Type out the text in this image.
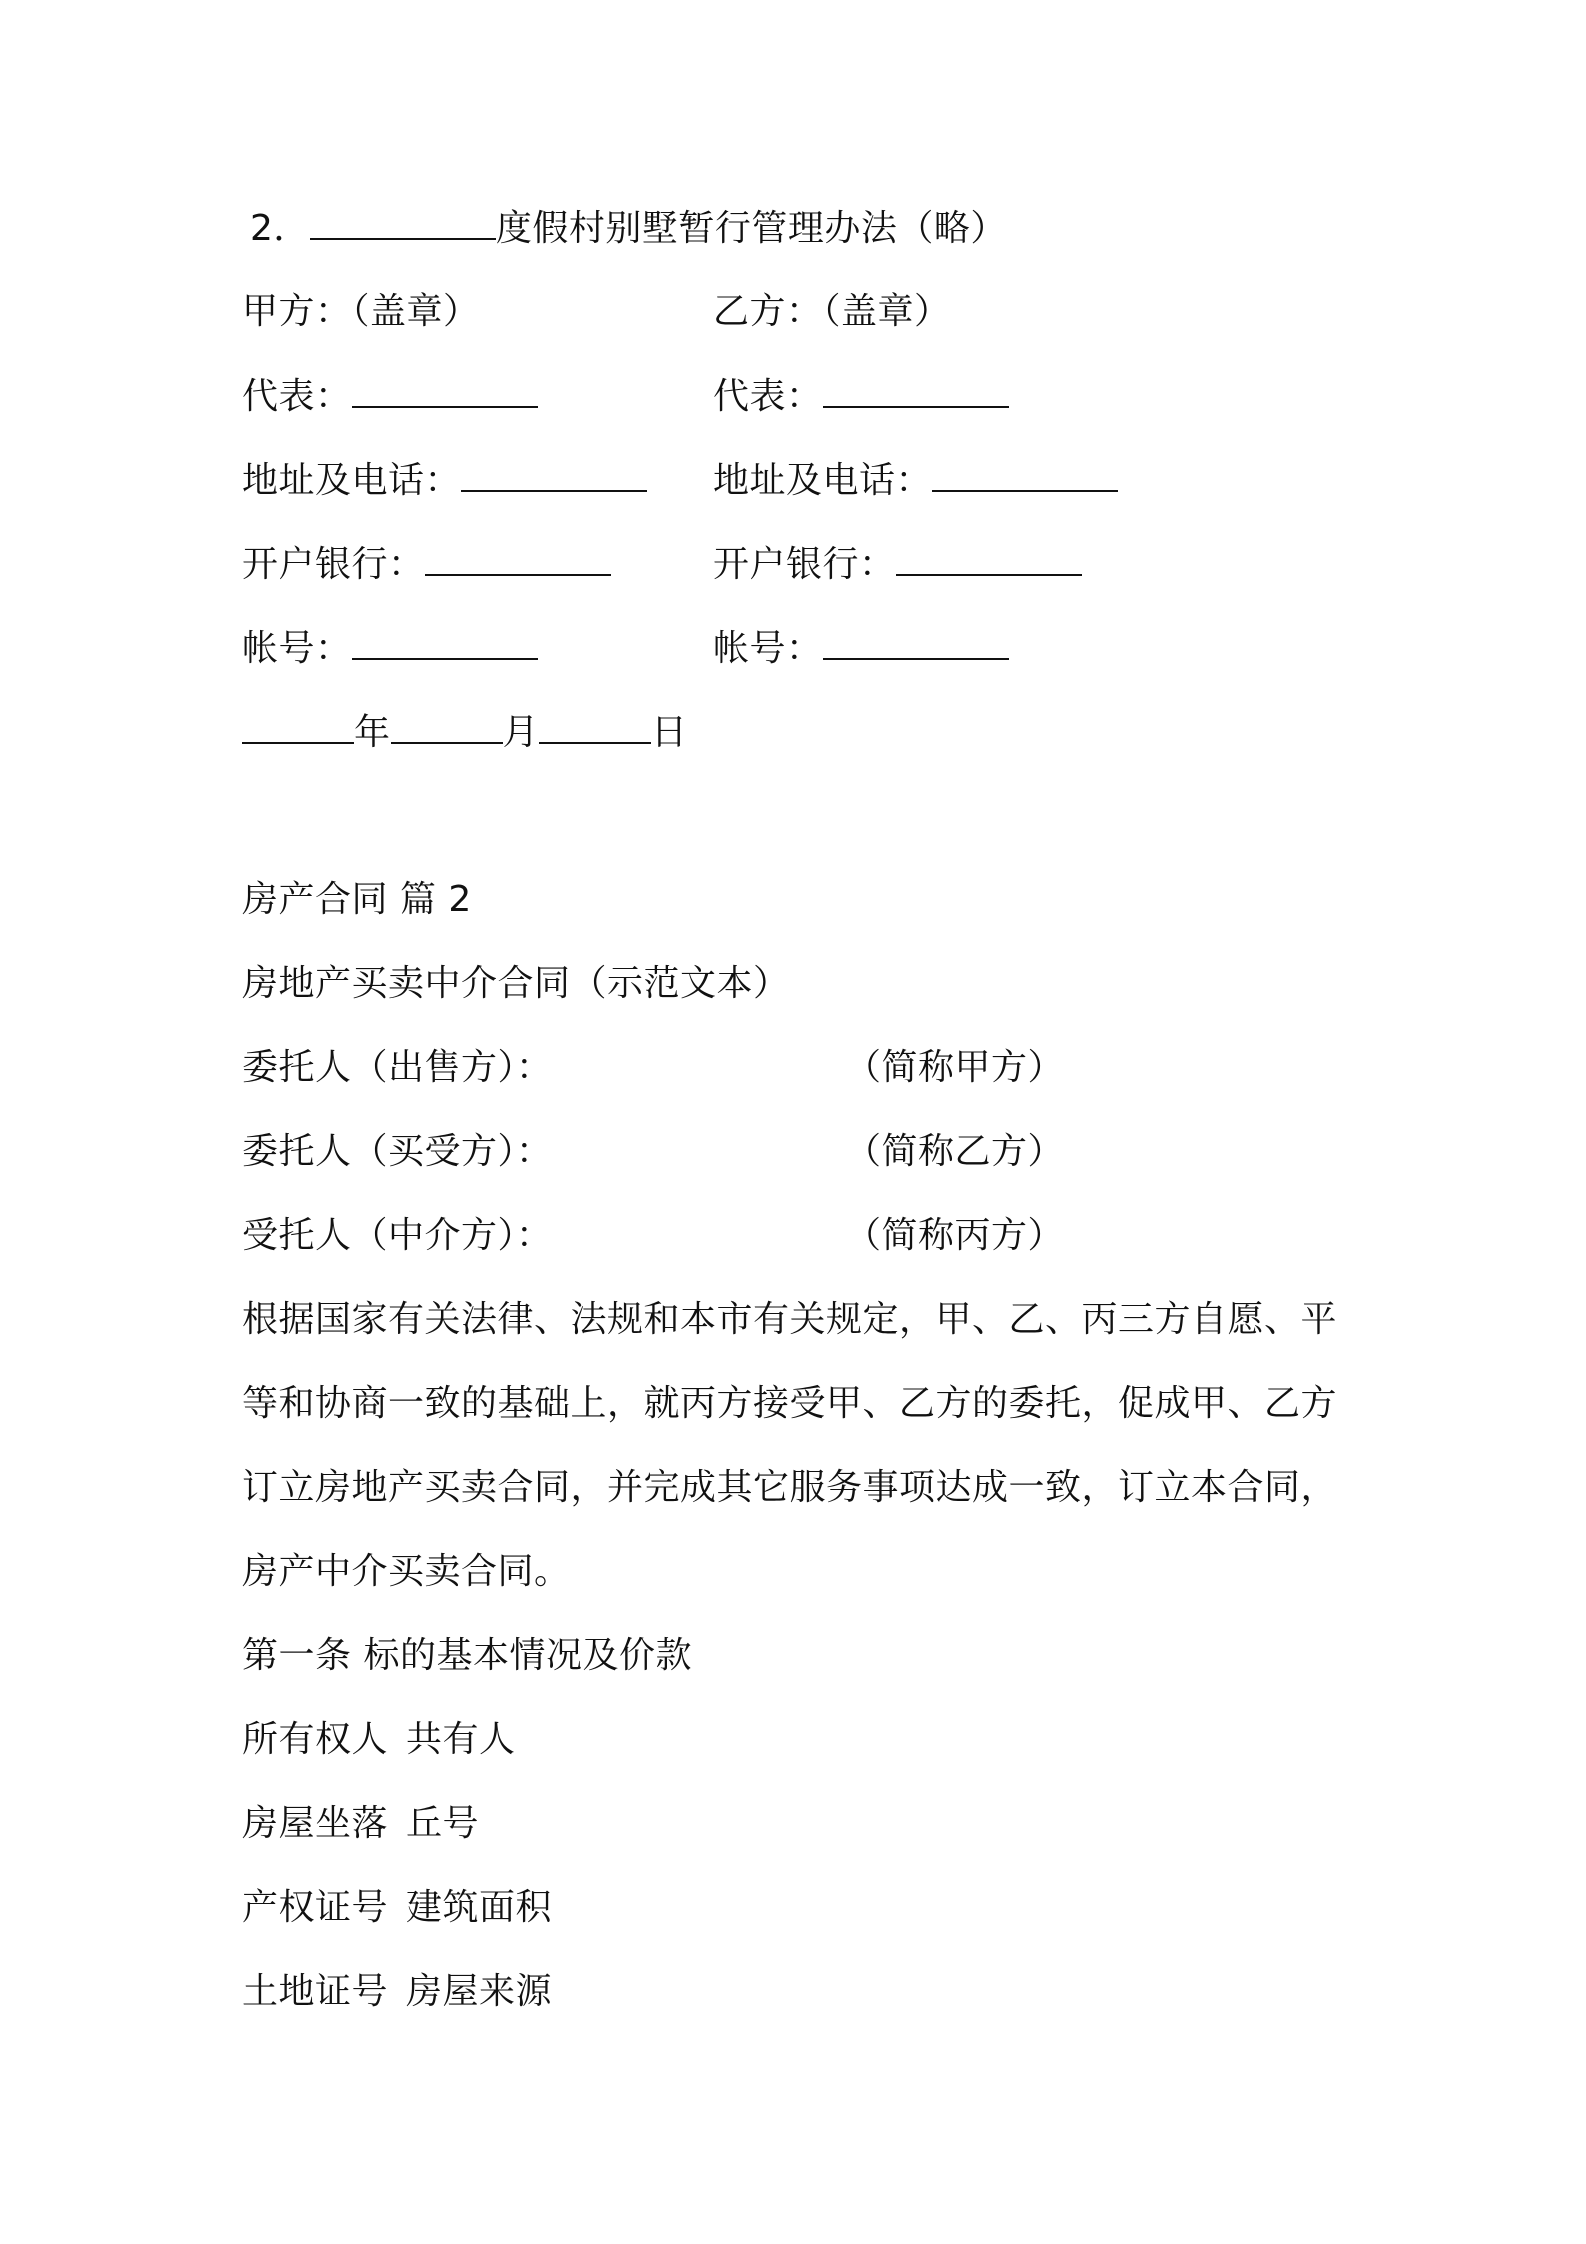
2．	度假村别墅暂行管理办法（略）

甲方：（盖章）	乙方：（盖章）

代表：	代表：

地址及电话：	地址及电话：

开户银行：	开户银行：

帐号：	帐号：

年	月	日

房产合同 篇 2

房地产买卖中介合同（示范文本）

委托人（出售方）：	（简称甲方）

委托人（买受方）：	（简称乙方）

受托人（中介方）：	（简称丙方）

根据国家有关法律、法规和本市有关规定，甲、乙、丙三方自愿、平

等和协商一致的基础上，就丙方接受甲、乙方的委托，促成甲、乙方

订立房地产买卖合同，并完成其它服务事项达成一致，订立本合同，

房产中介买卖合同。

第一条 标的基本情况及价款

所有权人 共有人

房屋坐落 丘号

产权证号 建筑面积

土地证号 房屋来源
